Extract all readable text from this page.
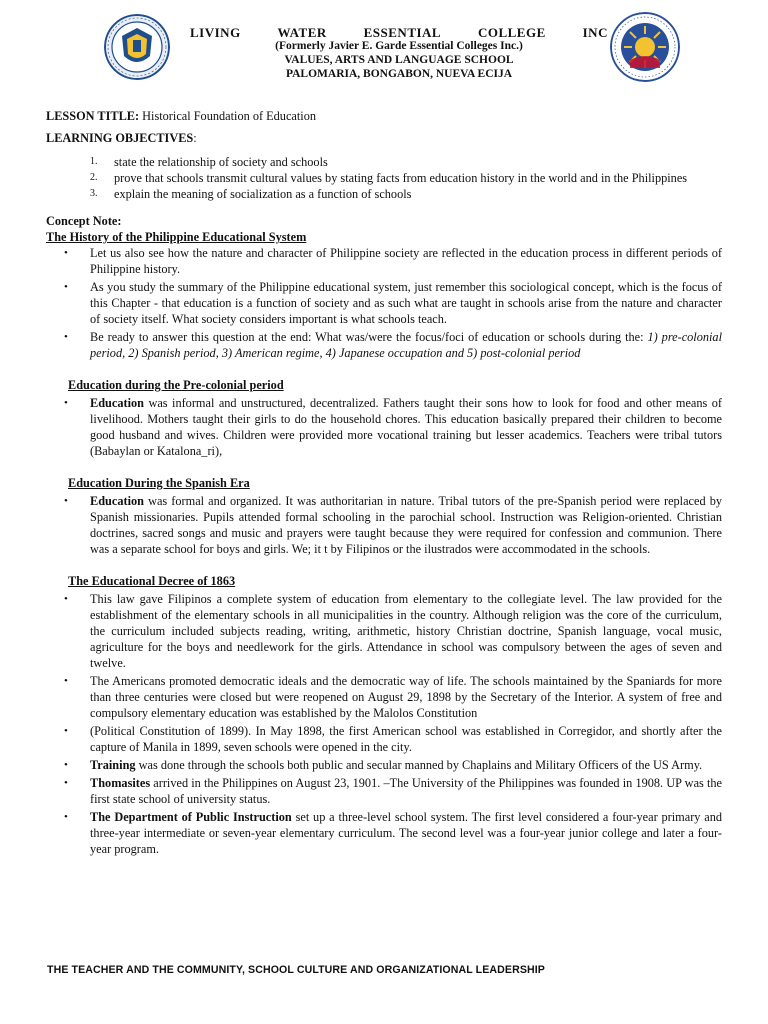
LIVING	WATER	ESSENTIAL	COLLEGE	INC
(Formerly Javier E. Garde Essential Colleges Inc.)
VALUES, ARTS AND LANGUAGE SCHOOL
PALOMARIA, BONGABON, NUEVA ECIJA

LESSON TITLE: Historical Foundation of Education

LEARNING OBJECTIVES:

1. state the relationship of society and schools
2. prove that schools transmit cultural values by stating facts from education history in the world and in the Philippines
3. explain the meaning of socialization as a function of schools

Concept Note:

The History of the Philippine Educational System

• Let us also see how the nature and character of Philippine society are reflected in the education process in different periods of Philippine history.
• As you study the summary of the Philippine educational system, just remember this sociological concept, which is the focus of this Chapter - that education is a function of society and as such what are taught in schools arise from the nature and character of society itself. What society considers important is what schools teach.
• Be ready to answer this question at the end: What was/were the focus/foci of education or schools during the: 1) pre-colonial period, 2) Spanish period, 3) American regime, 4) Japanese occupation and 5) post-colonial period

Education during the Pre-colonial period

• Education was informal and unstructured, decentralized. Fathers taught their sons how to look for food and other means of livelihood. Mothers taught their girls to do the household chores. This education basically prepared their children to become good husband and wives. Children were provided more vocational training but lesser academics. Teachers were tribal tutors (Babaylan or Katalona_ri),

Education During the Spanish Era

• Education was formal and organized. It was authoritarian in nature. Tribal tutors of the pre-Spanish period were replaced by Spanish missionaries. Pupils attended formal schooling in the parochial school. Instruction was Religion-oriented. Christian doctrines, sacred songs and music and prayers were taught because they were required for confession and communion. There was a separate school for boys and girls. We; it t by Filipinos or the ilustrados were accommodated in the schools.

The Educational Decree of 1863

• This law gave Filipinos a complete system of education from elementary to the collegiate level. The law provided for the establishment of the elementary schools in all municipalities in the country. Although religion was the core of the curriculum, the curriculum included subjects reading, writing, arithmetic, history Christian doctrine, Spanish language, vocal music, agriculture for the boys and needlework for the girls. Attendance in school was compulsory between the ages of seven and twelve.
• The Americans promoted democratic ideals and the democratic way of life. The schools maintained by the Spaniards for more than three centuries were closed but were reopened on August 29, 1898 by the Secretary of the Interior. A system of free and compulsory elementary education was established by the Malolos Constitution
• (Political Constitution of 1899). In May 1898, the first American school was established in Corregidor, and shortly after the capture of Manila in 1899, seven schools were opened in the city.
• Training was done through the schools both public and secular manned by Chaplains and Military Officers of the US Army.
• Thomasites arrived in the Philippines on August 23, 1901. –The University of the Philippines was founded in 1908. UP was the first state school of university status.
• The Department of Public Instruction set up a three-level school system. The first level considered a four-year primary and three-year intermediate or seven-year elementary curriculum. The second level was a four-year junior college and later a four-year program.
THE TEACHER AND THE COMMUNITY, SCHOOL CULTURE AND ORGANIZATIONAL LEADERSHIP
